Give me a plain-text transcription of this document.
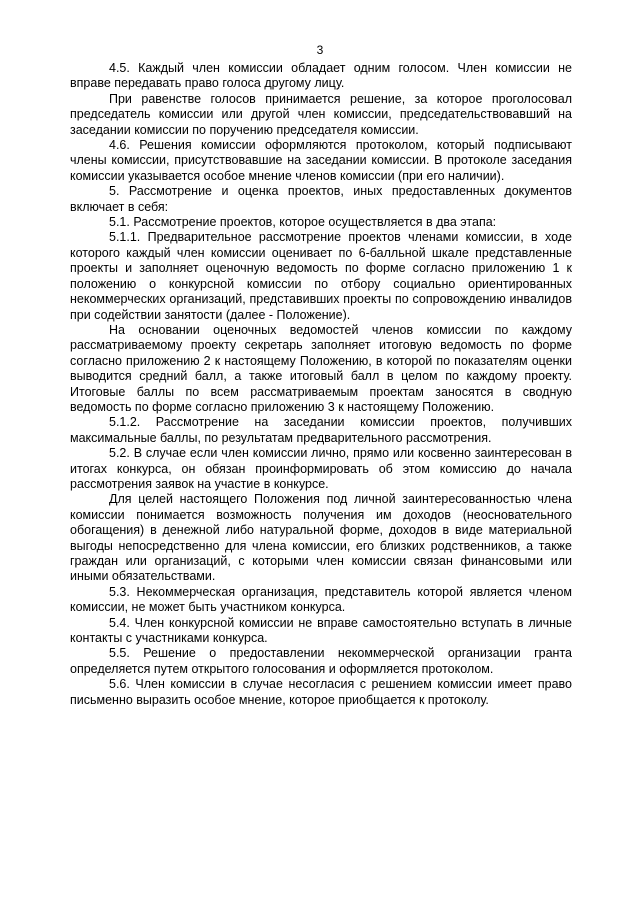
3

4.5. Каждый член комиссии обладает одним голосом. Член комиссии не вправе передавать право голоса другому лицу.

При равенстве голосов принимается решение, за которое проголосовал председатель комиссии или другой член комиссии, председательствовавший на заседании комиссии по поручению председателя комиссии.

4.6. Решения комиссии оформляются протоколом, который подписывают члены комиссии, присутствовавшие на заседании комиссии. В протоколе заседания комиссии указывается особое мнение членов комиссии (при его наличии).

5. Рассмотрение и оценка проектов, иных предоставленных документов включает в себя:

5.1. Рассмотрение проектов, которое осуществляется в два этапа:

5.1.1. Предварительное рассмотрение проектов членами комиссии, в ходе которого каждый член комиссии оценивает по 6-балльной шкале представленные проекты и заполняет оценочную ведомость по форме согласно приложению 1 к положению о конкурсной комиссии по отбору социально ориентированных некоммерческих организаций, представивших проекты по сопровождению инвалидов при содействии занятости (далее - Положение).

На основании оценочных ведомостей членов комиссии по каждому рассматриваемому проекту секретарь заполняет итоговую ведомость по форме согласно приложению 2 к настоящему Положению, в которой по показателям оценки выводится средний балл, а также итоговый балл в целом по каждому проекту. Итоговые баллы по всем рассматриваемым проектам заносятся в сводную ведомость по форме согласно приложению 3 к настоящему Положению.

5.1.2. Рассмотрение на заседании комиссии проектов, получивших максимальные баллы, по результатам предварительного рассмотрения.

5.2. В случае если член комиссии лично, прямо или косвенно заинтересован в итогах конкурса, он обязан проинформировать об этом комиссию до начала рассмотрения заявок на участие в конкурсе.

Для целей настоящего Положения под личной заинтересованностью члена комиссии понимается возможность получения им доходов (неосновательного обогащения) в денежной либо натуральной форме, доходов в виде материальной выгоды непосредственно для члена комиссии, его близких родственников, а также граждан или организаций, с которыми член комиссии связан финансовыми или иными обязательствами.

5.3. Некоммерческая организация, представитель которой является членом комиссии, не может быть участником конкурса.

5.4. Член конкурсной комиссии не вправе самостоятельно вступать в личные контакты с участниками конкурса.

5.5. Решение о предоставлении некоммерческой организации гранта определяется путем открытого голосования и оформляется протоколом.

5.6. Член комиссии в случае несогласия с решением комиссии имеет право письменно выразить особое мнение, которое приобщается к протоколу.
